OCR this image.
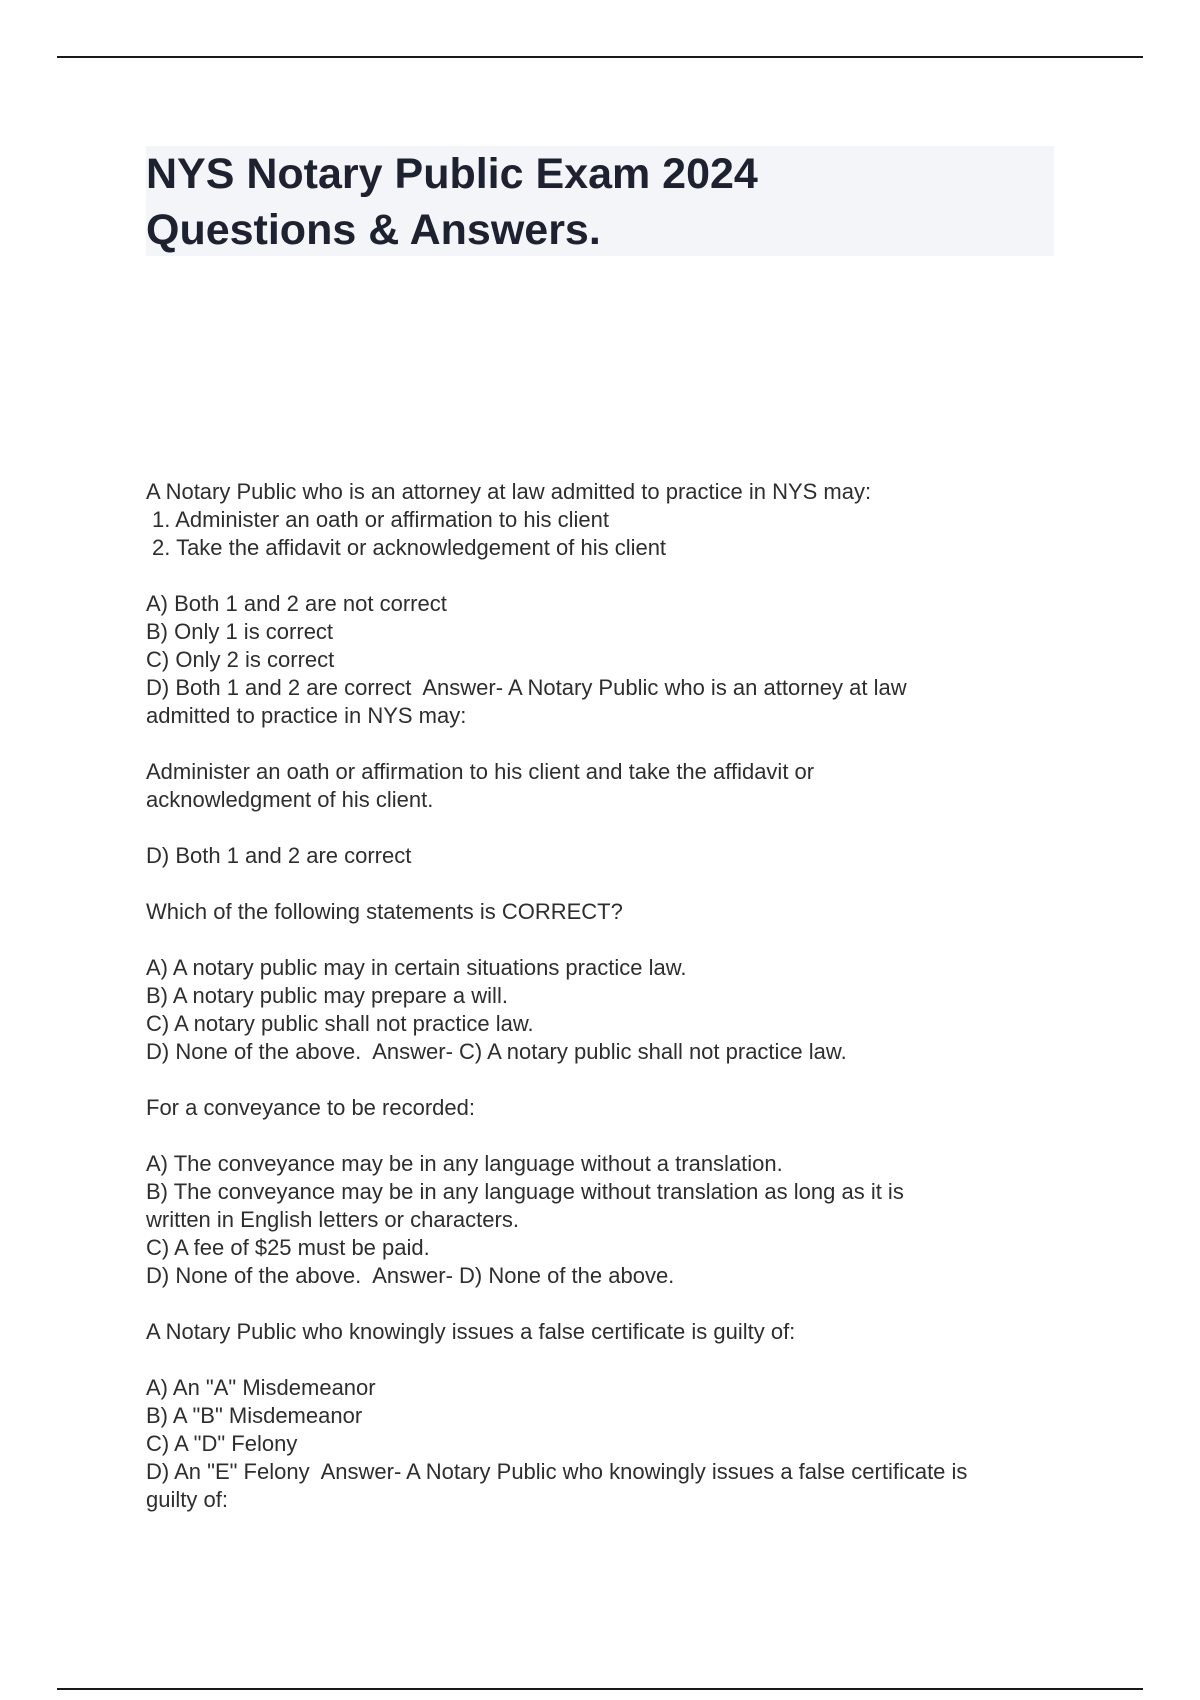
NYS Notary Public Exam 2024
Questions & Answers.
A Notary Public who is an attorney at law admitted to practice in NYS may:
1. Administer an oath or affirmation to his client
2. Take the affidavit or acknowledgement of his client
A) Both 1 and 2 are not correct
B) Only 1 is correct
C) Only 2 is correct
D) Both 1 and 2 are correct  Answer- A Notary Public who is an attorney at law
admitted to practice in NYS may:
Administer an oath or affirmation to his client and take the affidavit or
acknowledgment of his client.
D) Both 1 and 2 are correct
Which of the following statements is CORRECT?
A) A notary public may in certain situations practice law.
B) A notary public may prepare a will.
C) A notary public shall not practice law.
D) None of the above.  Answer- C) A notary public shall not practice law.
For a conveyance to be recorded:
A) The conveyance may be in any language without a translation.
B) The conveyance may be in any language without translation as long as it is
written in English letters or characters.
C) A fee of $25 must be paid.
D) None of the above.  Answer- D) None of the above.
A Notary Public who knowingly issues a false certificate is guilty of:
A) An "A" Misdemeanor
B) A "B" Misdemeanor
C) A "D" Felony
D) An "E" Felony  Answer- A Notary Public who knowingly issues a false certificate is
guilty of:
